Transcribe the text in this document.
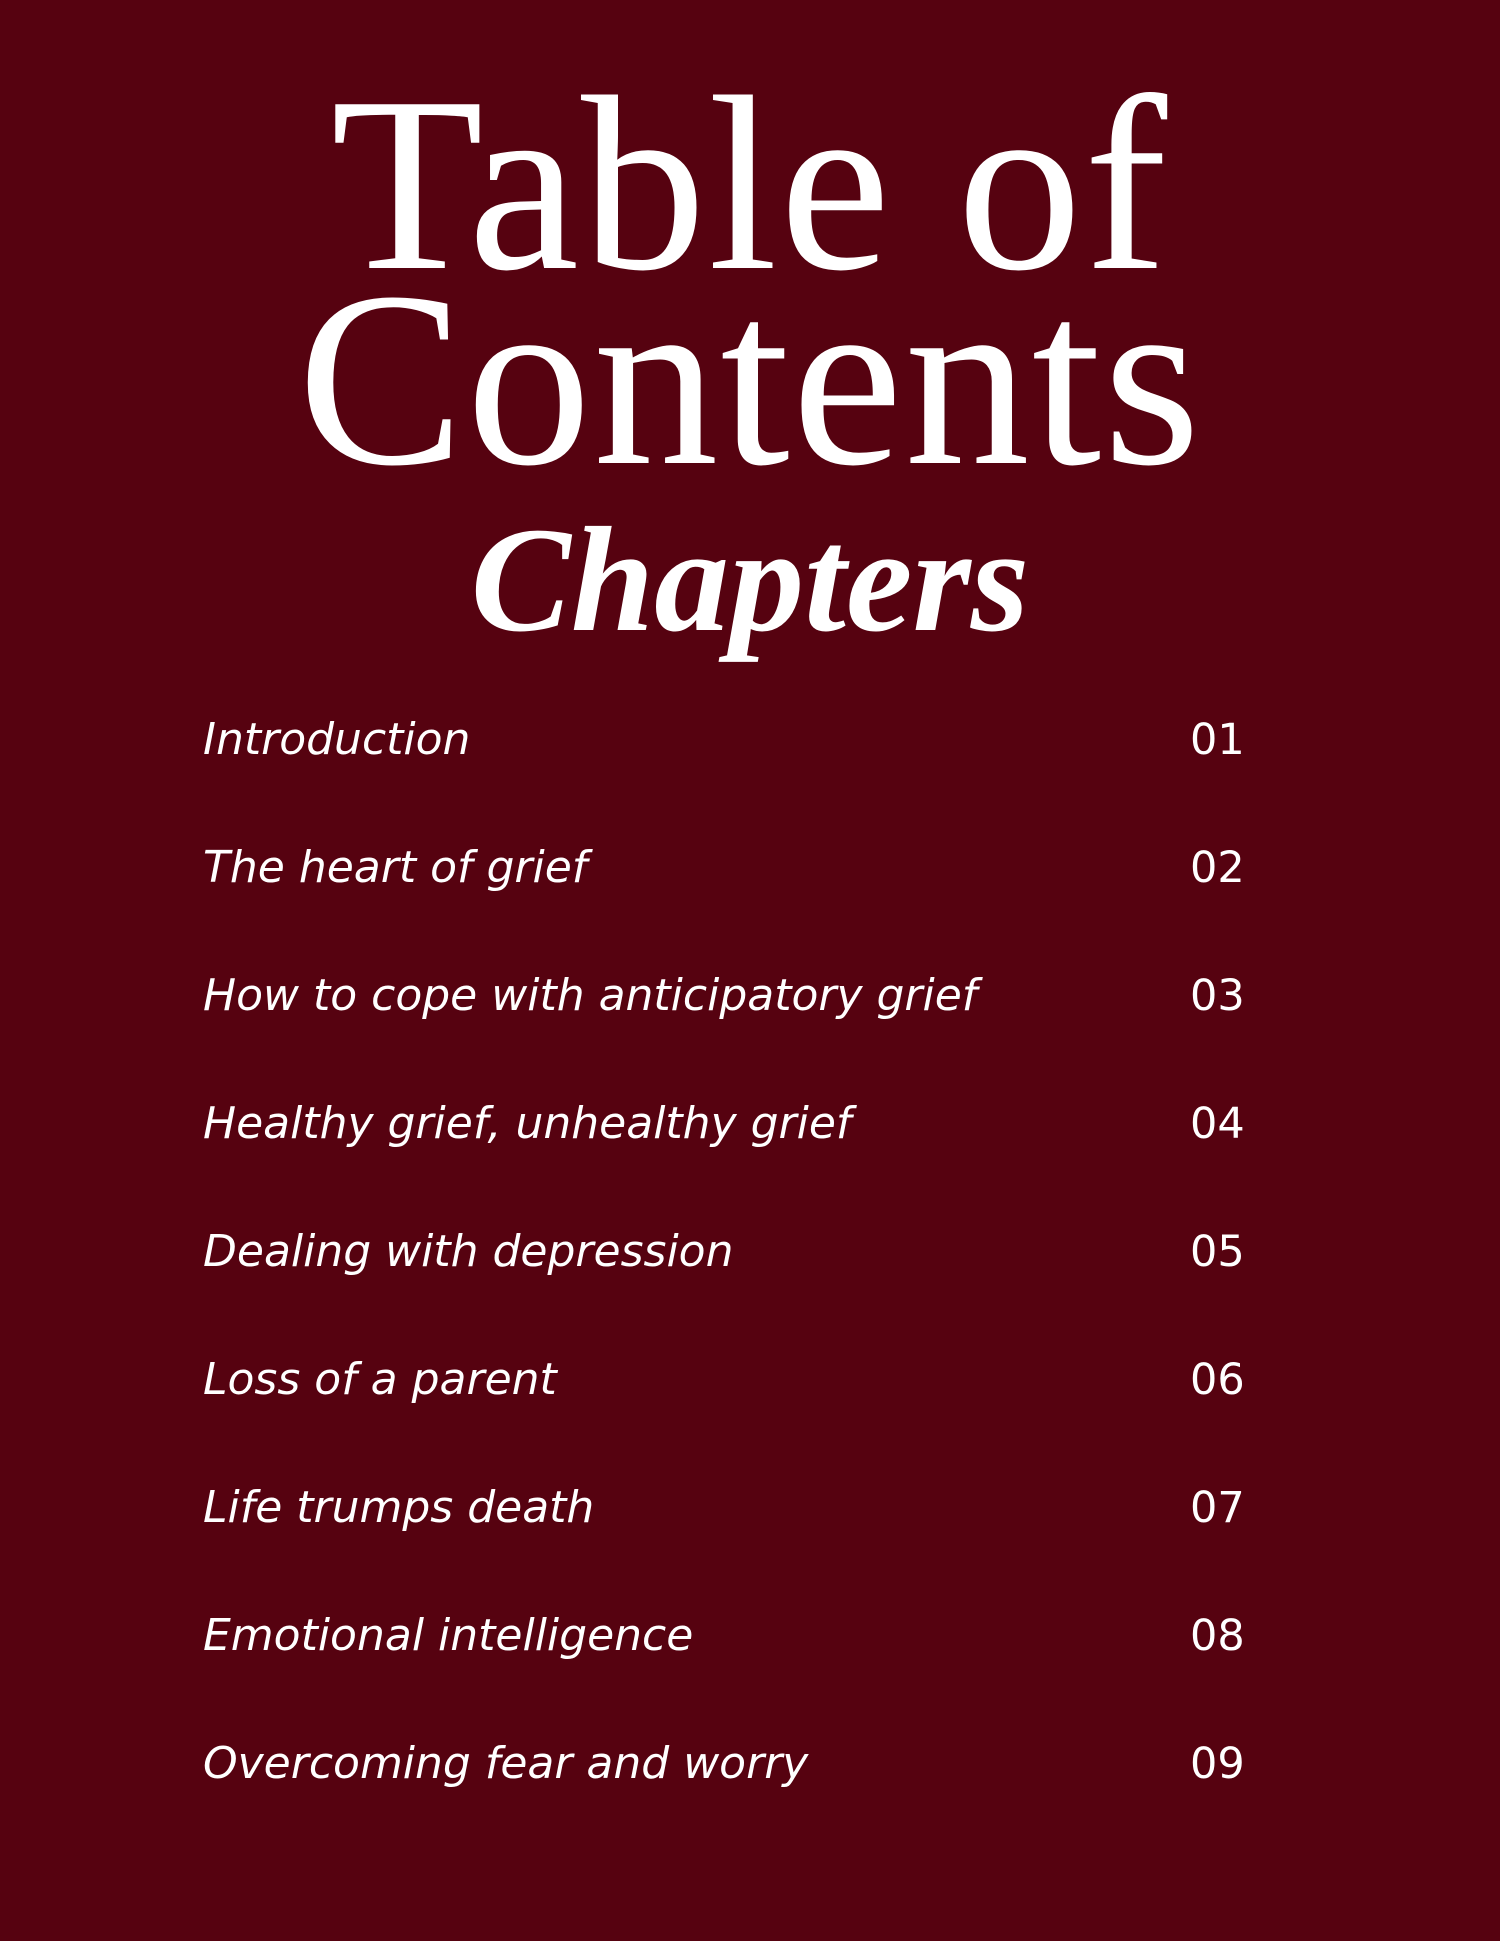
Table of
Contents
Chapters
Introduction	01
The heart of grief	02
How to cope with anticipatory grief	03
Healthy grief, unhealthy grief	04
Dealing with depression	05
Loss of a parent	06
Life trumps death	07
Emotional intelligence	08
Overcoming fear and worry	09
